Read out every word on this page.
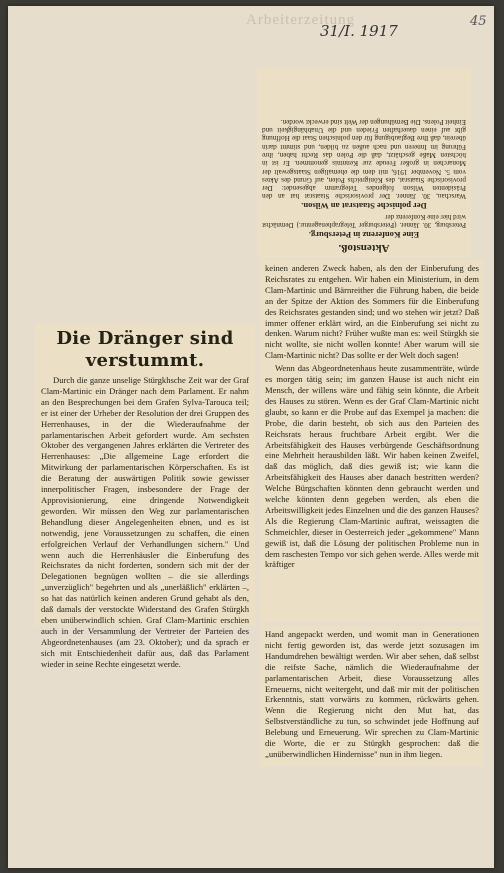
Arbeiterzeitung
31/I. 1917
45
Aktenstoß.
Eine Konferenz in Petersburg.
Petersburg, 30. Jänner. (Petersburger Telegraphenagentur.) Demnächst wird hier eine Konferenz der
Der polnische Staatsrat an Wilson.
Warschau, 30. Jänner. Der provisorische Staatsrat hat an den Präsidenten Wilson folgendes Telegramm abgesendet: Der provisorische Staatsrat, des Königreichs Polen, auf Grund des Aktes vom 5. November 1916, mit dem die ehemaligen Staatsgewalt der Monarchen in großer Freude zur Kenntnis genommen. Er ist in höchsten Maße geschätzt, daß die Polen das Recht haben, ihre Führung im Inneren und nach außen zu bilden, und stimmt darin überein, daß Ihre Beglaubigung für den polnischen Staat die Hoffnung gibt auf einen dauerhaften Frieden und die Unabhängigkeit und Einheit Polens. Die Bemühungen der Welt sind erweckt worden.
Die Dränger sind verstummt.

Durch die ganze unselige Stürgkhsche Zeit war der Graf Clam-Martinic ein Dränger nach dem Parlament. Er nahm an den Besprechungen bei dem Grafen Sylva-Tarouca teil; er ist einer der Urheber der Resolution der drei Gruppen des Herrenhauses, in der die Wiederaufnahme der parlamentarischen Arbeit gefordert wurde. Am sechsten Oktober des vergangenen Jahres erklärten die Vertreter des Herrenhauses: „Die allgemeine Lage erfordert die Mitwirkung der parlamentarischen Körperschaften. Es ist die Beratung der auswärtigen Politik sowie gewisser innerpolitischer Fragen, insbesondere der Frage der Approvisionierung, eine dringende Notwendigkeit geworden. Wir müssen den Weg zur parlamentarischen Behandlung dieser Angelegenheiten ebnen, und es ist notwendig, jene Voraussetzungen zu schaffen, die einen erfolgreichen Verlauf der Verhandlungen sichern." Und wenn auch die Herrenhäusler die Einberufung des Reichsrates da nicht forderten, sondern sich mit der der Delegationen begnügen wollten – die sie allerdings „unverzüglich" begehrten und als „unerläßlich" erklärten –, so hat das natürlich keinen anderen Grund gehabt als den, daß damals der verstockte Widerstand des Grafen Stürgkh eben unüberwindlich schien. Graf Clam-Martinic erschien auch in der Versammlung der Vertreter der Parteien des Abgeordnetenhauses (am 23. Oktober); und da sprach er sich mit Entschiedenheit dafür aus, daß das Parlament wieder in seine Rechte eingesetzt werde.

keinen anderen Zweck haben, als den der Einberufung des Reichsrates zu entgehen. Wir haben ein Ministerium, in dem Clam-Martinic und Bärnreither die Führung haben, die beide an der Spitze der Aktion des Sommers für die Einberufung des Reichsrates gestanden sind; und wo stehen wir jetzt? Daß immer offener erklärt wird, an die Einberufung sei nicht zu denken. Warum nicht? Früher wußte man es: weil Stürgkh sie nicht wollte, sie nicht wollen konnte! Aber warum will sie Clam-Martinic nicht? Das sollte er der Welt doch sagen!

Wenn das Abgeordnetenhaus heute zusammenträte, würde es morgen tätig sein; im ganzen Hause ist auch nicht ein Mensch, der willens wäre und fähig sein könnte, die Arbeit des Hauses zu stören. Wenn es der Graf Clam-Martinic nicht glaubt, so kann er die Probe auf das Exempel ja machen: die Probe, die darin besteht, ob sich aus den Parteien des Reichsrats heraus fruchtbare Arbeit ergibt. Wer die Arbeitsfähigkeit des Hauses verbürgende Geschäftsordnung eine Mehrheit herausbilden läßt. Wir haben keinen Zweifel, daß das möglich, daß dies gewiß ist; wie kann die Arbeitsfähigkeit des Hauses aber danach bestritten werden? Welche Bürgschaften könnten denn gebraucht werden und welche könnten denn gegeben werden, als eben die Arbeitswilligkeit jedes Einzelnen und die des ganzen Hauses? Als die Regierung Clam-Martinic auftrat, weissagten die Schmeichler, dieser in Oesterreich jeder „gekommene" Mann gewiß ist, daß die Lösung der politischen Probleme nun in dem raschesten Tempo vor sich gehen werde. Alles werde mit kräftiger

Hand angepackt werden, und womit man in Generationen nicht fertig geworden ist, das werde jetzt sozusagen im Handumdrehen bewältigt werden. Wir aber sehen, daß selbst die reifste Sache, nämlich die Wiederaufnahme der parlamentarischen Arbeit, diese Voraussetzung alles Erneuerns, nicht weitergeht, und daß mir mit der politischen Erkenntnis, statt vorwärts zu kommen, rückwärts gehen. Wenn die Regierung nicht den Mut hat, das Selbstverständliche zu tun, so schwindet jede Hoffnung auf Belebung und Erneuerung. Wir sprechen zu Clam-Martinic die Worte, die er zu Stürgkh gesprochen: daß die „unüberwindlichen Hindernisse" nun in ihm liegen.
